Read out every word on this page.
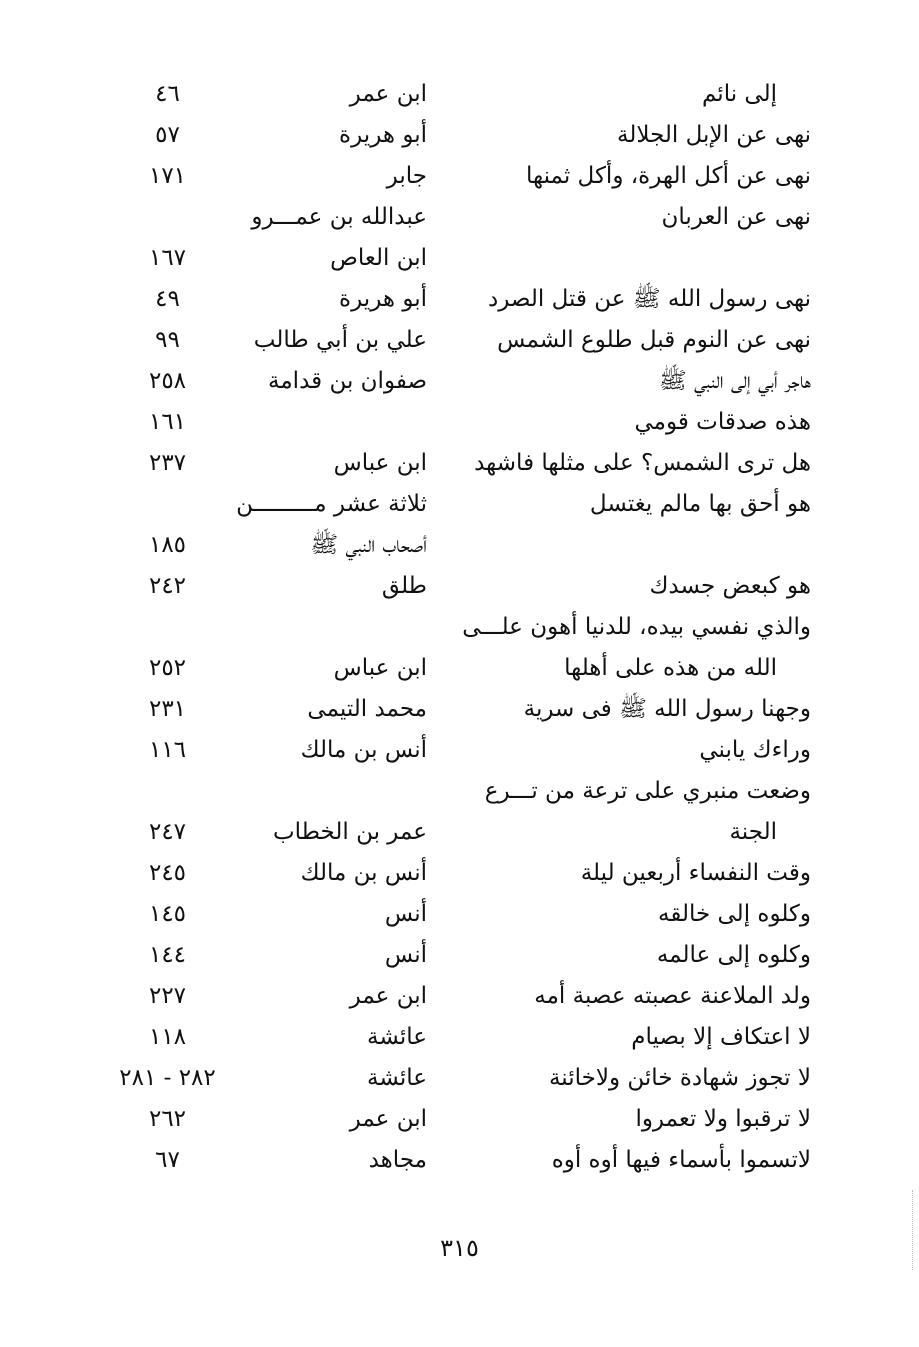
إلى نائم
ابن عمر
٤٦
نهى عن الإبل الجلالة
أبو هريرة
٥٧
نهى عن أكل الهرة، وأكل ثمنها
جابر
١٧١
نهى عن العربان
عبدالله بن عمـــرو
ابن العاص
١٦٧
نهى رسول الله ﷺ عن قتل الصرد
أبو هريرة
٤٩
نهى عن النوم قبل طلوع الشمس
علي بن أبي طالب
٩٩
هاجر أبي إلى النبي ﷺ
صفوان بن قدامة
٢٥٨
هذه صدقات قومي
١٦١
هل ترى الشمس؟ على مثلها فاشهد
ابن عباس
٢٣٧
هو أحق بها مالم يغتسل
ثلاثة عشر مـــــــــن
أصحاب النبي ﷺ
١٨٥
هو كبعض جسدك
طلق
٢٤٢
والذي نفسي بيده، للدنيا أهون علـــى
الله من هذه على أهلها
ابن عباس
٢٥٢
وجهنا رسول الله ﷺ فى سرية
محمد التيمى
٢٣١
وراءك يابني
أنس بن مالك
١١٦
وضعت منبري على ترعة من تـــرع
الجنة
عمر بن الخطاب
٢٤٧
وقت النفساء أربعين ليلة
أنس بن مالك
٢٤٥
وكلوه إلى خالقه
أنس
١٤٥
وكلوه إلى عالمه
أنس
١٤٤
ولد الملاعنة عصبته عصبة أمه
ابن عمر
٢٢٧
لا اعتكاف إلا بصيام
عائشة
١١٨
لا تجوز شهادة خائن ولاخائنة
عائشة
٢٨٢ - ٢٨١
لا ترقبوا ولا تعمروا
ابن عمر
٢٦٢
لاتسموا بأسماء فيها أوه أوه
مجاهد
٦٧
٣١٥
